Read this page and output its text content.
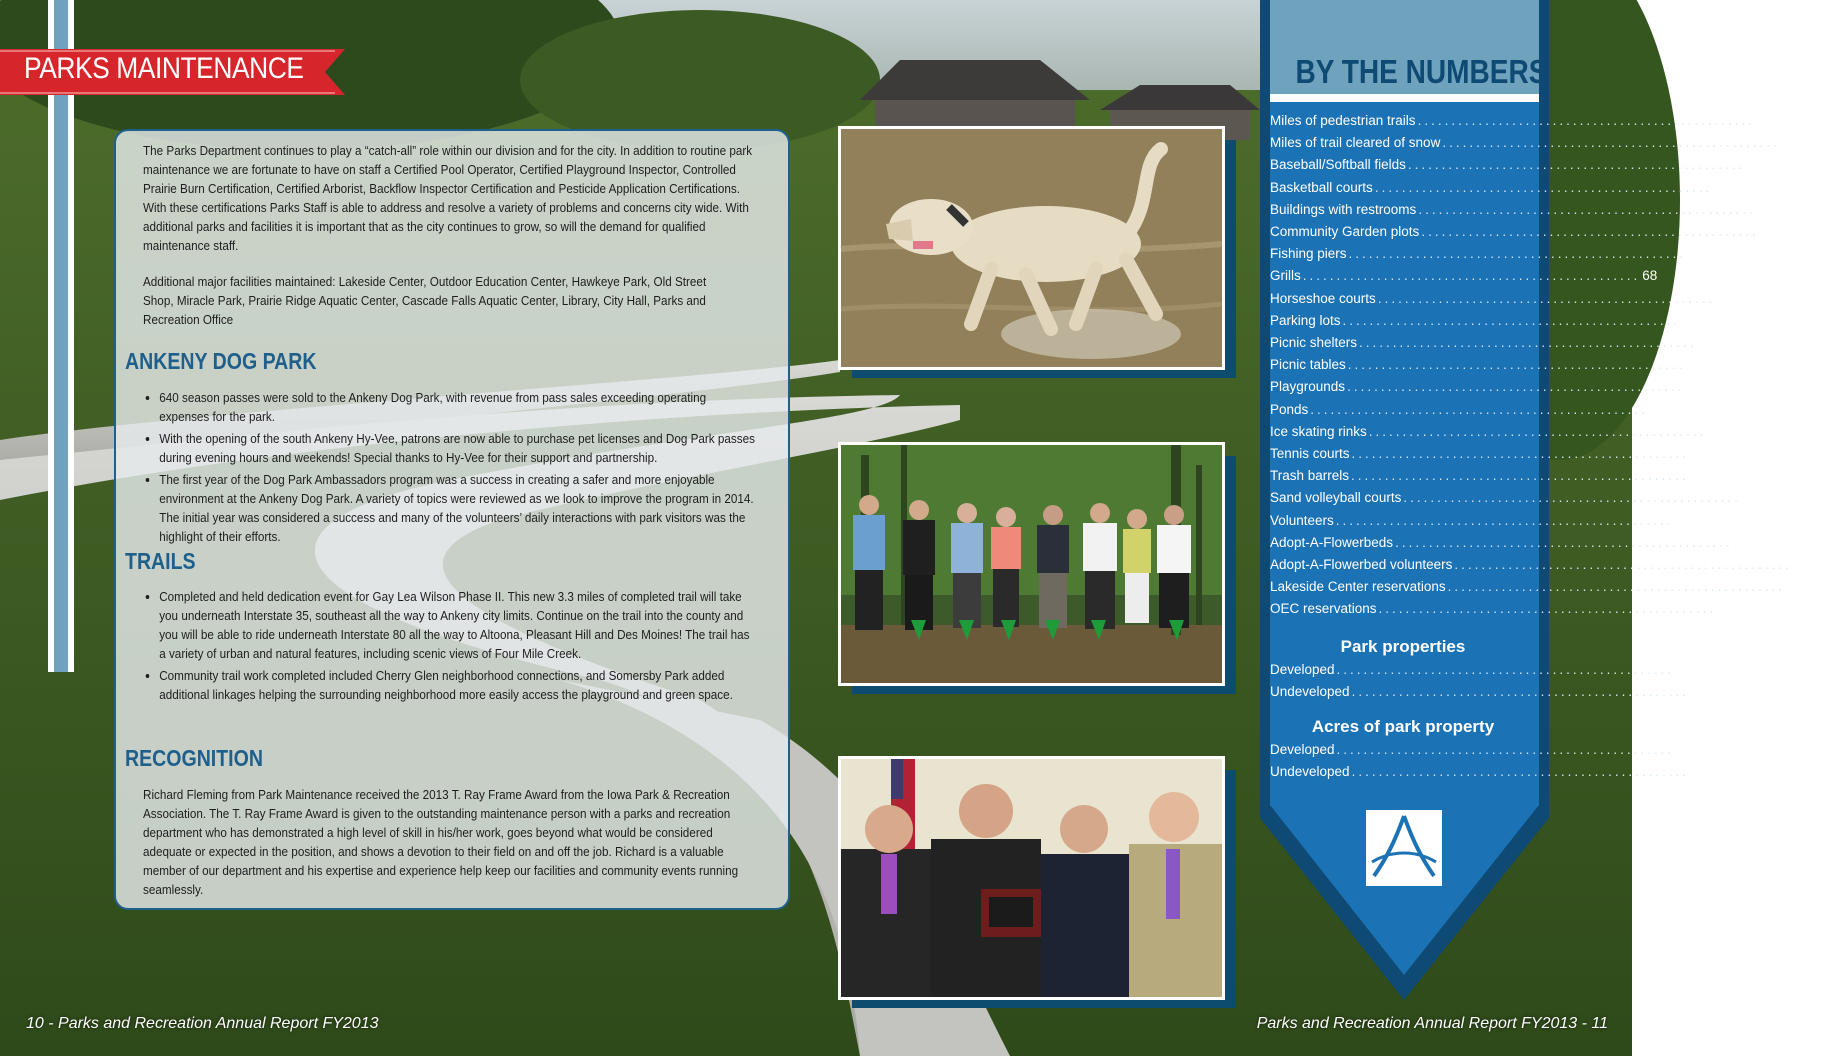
PARKS MAINTENANCE
The Parks Department continues to play a “catch-all” role within our division and for the city. In addition to routine park maintenance we are fortunate to have on staff a Certified Pool Operator, Certified Playground Inspector, Controlled Prairie Burn Certification, Certified Arborist, Backflow Inspector Certification and Pesticide Application Certifications. With these certifications Parks Staff is able to address and resolve a variety of problems and concerns city wide. With additional parks and facilities it is important that as the city continues to grow, so will the demand for qualified maintenance staff.
Additional major facilities maintained: Lakeside Center, Outdoor Education Center, Hawkeye Park, Old Street Shop, Miracle Park, Prairie Ridge Aquatic Center, Cascade Falls Aquatic Center, Library, City Hall, Parks and Recreation Office
ANKENY DOG PARK
• 640 season passes were sold to the Ankeny Dog Park, with revenue from pass sales exceeding operating expenses for the park.
• With the opening of the south Ankeny Hy-Vee, patrons are now able to purchase pet licenses and Dog Park passes during evening hours and weekends! Special thanks to Hy-Vee for their support and partnership.
• The first year of the Dog Park Ambassadors program was a success in creating a safer and more enjoyable environment at the Ankeny Dog Park. A variety of topics were reviewed as we look to improve the program in 2014. The initial year was considered a success and many of the volunteers’ daily interactions with park visitors was the highlight of their efforts.
TRAILS
• Completed and held dedication event for Gay Lea Wilson Phase II. This new 3.3 miles of completed trail will take you underneath Interstate 35, southeast all the way to Ankeny city limits. Continue on the trail into the county and you will be able to ride underneath Interstate 80 all the way to Altoona, Pleasant Hill and Des Moines! The trail has a variety of urban and natural features, including scenic views of Four Mile Creek.
• Community trail work completed included Cherry Glen neighborhood connections, and Somersby Park added additional linkages helping the surrounding neighborhood more easily access the playground and green space.
RECOGNITION
Richard Fleming from Park Maintenance received the 2013 T. Ray Frame Award from the Iowa Park & Recreation Association. The T. Ray Frame Award is given to the outstanding maintenance person with a parks and recreation department who has demonstrated a high level of skill in his/her work, goes beyond what would be considered adequate or expected in the position, and shows a devotion to their field on and off the job. Richard is a valuable member of our department and his expertise and experience help keep our facilities and community events running seamlessly.
BY THE NUMBERS
Miles of pedestrian trails .................................................. 87.5 miles
Miles of trail cleared of snow .................................................. 49 miles
Baseball/Softball fields .................................................. 5
Basketball courts .................................................. 16
Buildings with restrooms .................................................. 7
Community Garden plots .................................................. 38
Fishing piers .................................................. 2
Grills .................................................. 68
Horseshoe courts .................................................. 2
Parking lots .................................................. 20
Picnic shelters .................................................. 35
Picnic tables .................................................. 187
Playgrounds .................................................. 25
Ponds .................................................. 31
Ice skating rinks .................................................. 1
Tennis courts .................................................. 12
Trash barrels .................................................. 191
Sand volleyball courts .................................................. 5
Volunteers .................................................. 100
Adopt-A-Flowerbeds .................................................. 80
Adopt-A-Flowerbed volunteers .................................................. 69
Lakeside Center reservations .................................................. 263
OEC reservations .................................................. 168
Park properties
Developed .................................................. 49
Undeveloped .................................................. 6
Acres of park property
Developed .................................................. 520 acres
Undeveloped .................................................. 85.8 acres
10 - Parks and Recreation Annual Report FY2013	Parks and Recreation Annual Report FY2013 - 11
